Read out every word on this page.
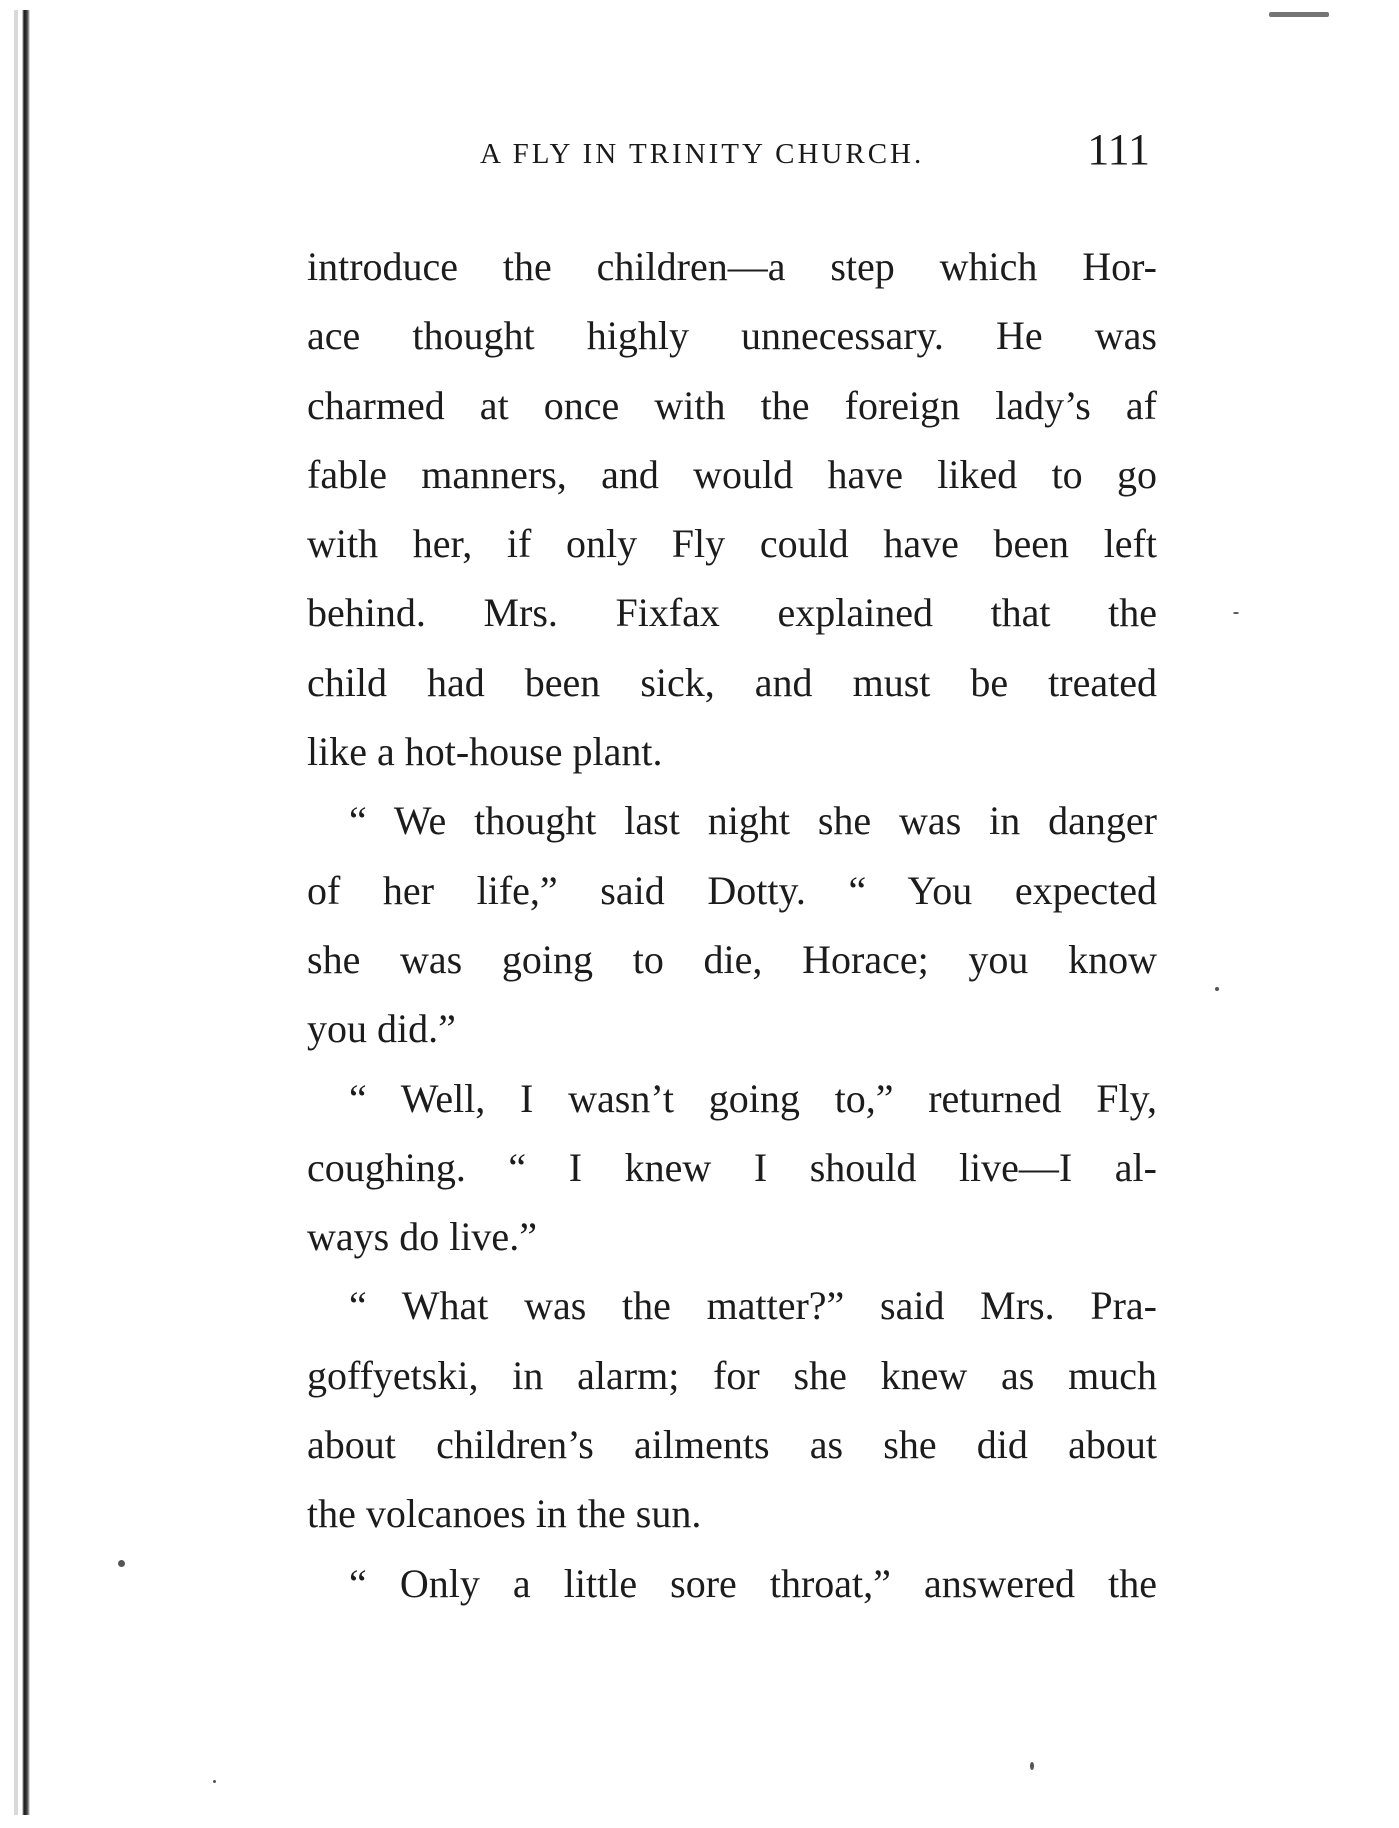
A FLY IN TRINITY CHURCH.	111
introduce the children—a step which Hor-
ace thought highly unnecessary. He was
charmed at once with the foreign lady’s af
fable manners, and would have liked to go
with her, if only Fly could have been left
behind. Mrs. Fixfax explained that the
child had been sick, and must be treated
like a hot-house plant.
“ We thought last night she was in danger
of her life,” said Dotty. “ You expected
she was going to die, Horace; you know
you did.”
“ Well, I wasn’t going to,” returned Fly,
coughing. “ I knew I should live—I al-
ways do live.”
“ What was the matter?” said Mrs. Pra-
goffyetski, in alarm; for she knew as much
about children’s ailments as she did about
the volcanoes in the sun.
“ Only a little sore throat,” answered the
